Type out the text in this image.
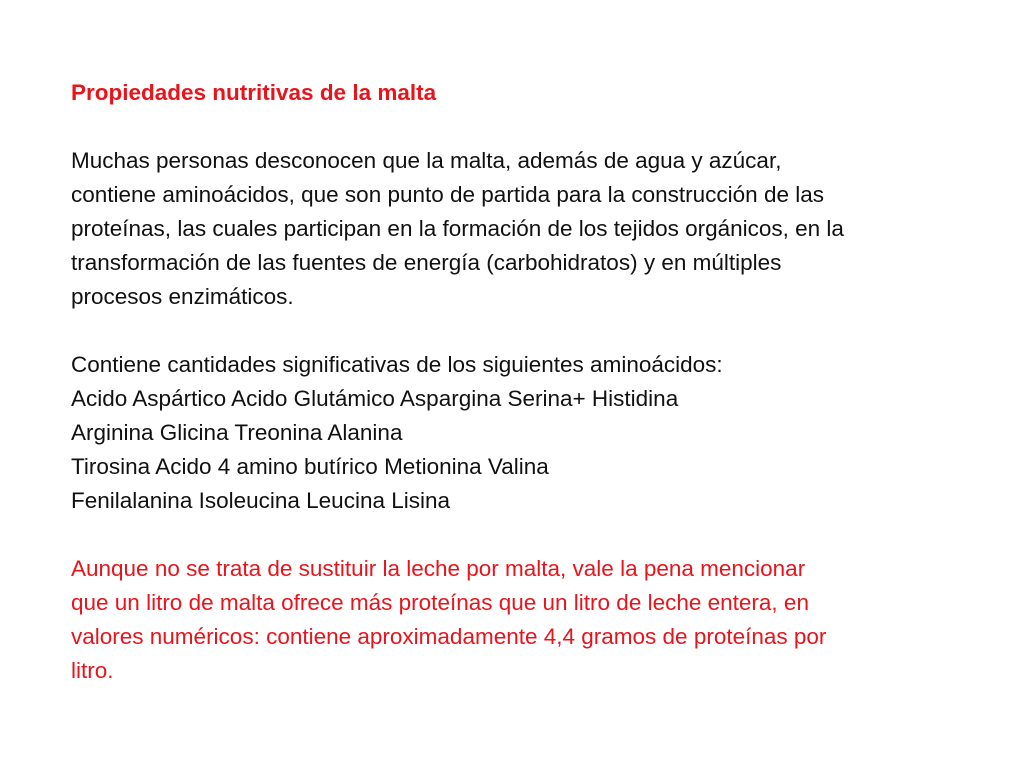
Propiedades nutritivas de la malta

Muchas personas desconocen que la malta, además de agua y azúcar,
contiene aminoácidos, que son punto de partida para la construcción de las
proteínas, las cuales participan en la formación de los tejidos orgánicos, en la
transformación de las fuentes de energía (carbohidratos) y en múltiples
procesos enzimáticos.

Contiene cantidades significativas de los siguientes aminoácidos:
Acido Aspártico Acido Glutámico Aspargina Serina+ Histidina
Arginina Glicina Treonina Alanina
Tirosina Acido 4 amino butírico Metionina Valina
Fenilalanina Isoleucina Leucina Lisina

Aunque no se trata de sustituir la leche por malta, vale la pena mencionar
que un litro de malta ofrece más proteínas que un litro de leche entera, en
valores numéricos: contiene aproximadamente 4,4 gramos de proteínas por
litro.
